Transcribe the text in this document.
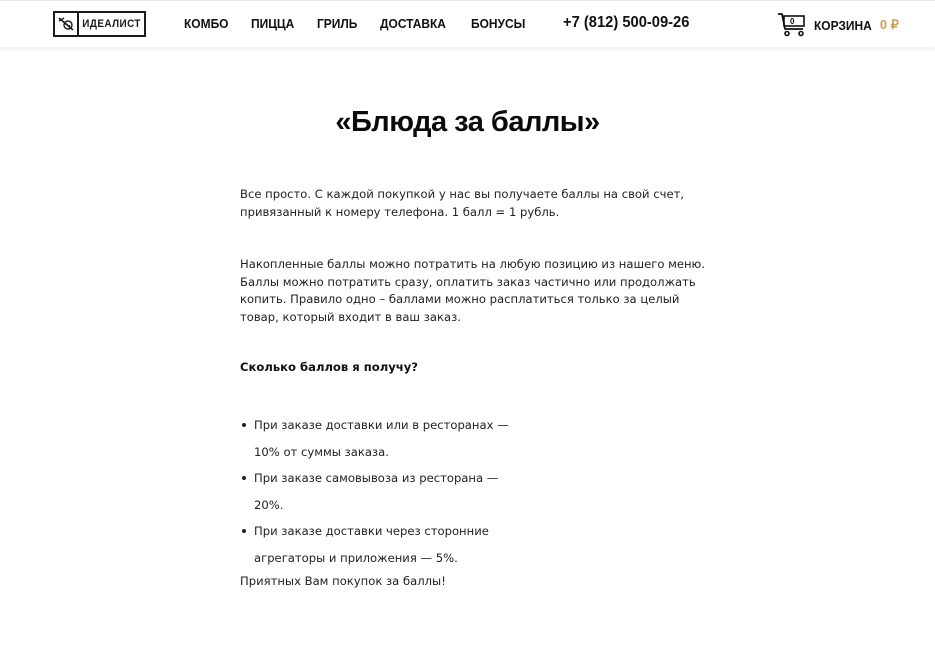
ИДЕАЛИСТ	КОМБО ПИЦЦА ГРИЛЬ ДОСТАВКА БОНУСЫ +7 (812) 500-09-26	0 КОРЗИНА 0 ₽
«Блюда за баллы»

Все просто. С каждой покупкой у нас вы получаете баллы на свой счет, привязанный к номеру телефона. 1 балл = 1 рубль.

Накопленные баллы можно потратить на любую позицию из нашего меню. Баллы можно потратить сразу, оплатить заказ частично или продолжать копить. Правило одно – баллами можно расплатиться только за целый товар, который входит в ваш заказ.

Сколько баллов я получу?

При заказе доставки или в ресторанах — 10% от суммы заказа.
При заказе самовывоза из ресторана — 20%.
При заказе доставки через сторонние агрегаторы и приложения — 5%.

Приятных Вам покупок за баллы!
